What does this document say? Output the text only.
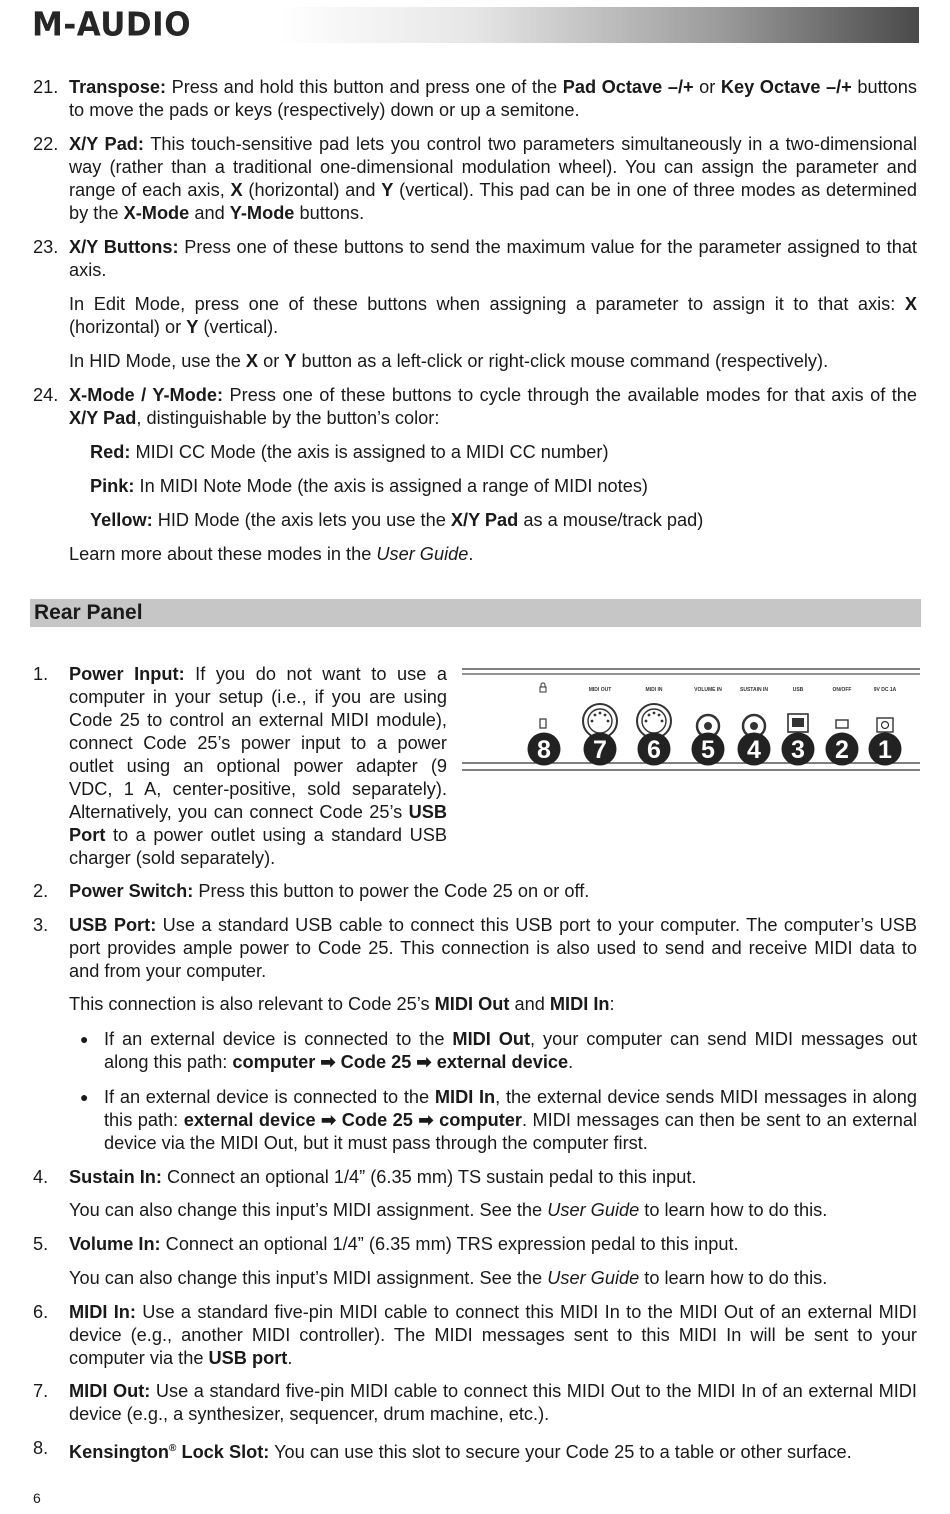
M-AUDIO
21. Transpose: Press and hold this button and press one of the Pad Octave –/+ or Key Octave –/+ buttons to move the pads or keys (respectively) down or up a semitone.
22. X/Y Pad: This touch-sensitive pad lets you control two parameters simultaneously in a two-dimensional way (rather than a traditional one-dimensional modulation wheel). You can assign the parameter and range of each axis, X (horizontal) and Y (vertical). This pad can be in one of three modes as determined by the X-Mode and Y-Mode buttons.
23. X/Y Buttons: Press one of these buttons to send the maximum value for the parameter assigned to that axis.
In Edit Mode, press one of these buttons when assigning a parameter to assign it to that axis: X (horizontal) or Y (vertical).
In HID Mode, use the X or Y button as a left-click or right-click mouse command (respectively).
24. X-Mode / Y-Mode: Press one of these buttons to cycle through the available modes for that axis of the X/Y Pad, distinguishable by the button’s color:
Red: MIDI CC Mode (the axis is assigned to a MIDI CC number)
Pink: In MIDI Note Mode (the axis is assigned a range of MIDI notes)
Yellow: HID Mode (the axis lets you use the X/Y Pad as a mouse/track pad)
Learn more about these modes in the User Guide.
Rear Panel
MIDI OUT	MIDI IN	VOLUME IN	SUSTAIN IN	USB	ON/OFF	9V DC 1A
8 7 6 5 4 3 2 1
1. Power Input: If you do not want to use a computer in your setup (i.e., if you are using Code 25 to control an external MIDI module), connect Code 25’s power input to a power outlet using an optional power adapter (9 VDC, 1 A, center-positive, sold separately). Alternatively, you can connect Code 25’s USB Port to a power outlet using a standard USB charger (sold separately).
2. Power Switch: Press this button to power the Code 25 on or off.
3. USB Port: Use a standard USB cable to connect this USB port to your computer. The computer’s USB port provides ample power to Code 25. This connection is also used to send and receive MIDI data to and from your computer.
This connection is also relevant to Code 25’s MIDI Out and MIDI In:
● If an external device is connected to the MIDI Out, your computer can send MIDI messages out along this path: computer ➡ Code 25 ➡ external device.
● If an external device is connected to the MIDI In, the external device sends MIDI messages in along this path: external device ➡ Code 25 ➡ computer. MIDI messages can then be sent to an external device via the MIDI Out, but it must pass through the computer first.
4. Sustain In: Connect an optional 1/4” (6.35 mm) TS sustain pedal to this input.
You can also change this input’s MIDI assignment. See the User Guide to learn how to do this.
5. Volume In: Connect an optional 1/4” (6.35 mm) TRS expression pedal to this input.
You can also change this input’s MIDI assignment. See the User Guide to learn how to do this.
6. MIDI In: Use a standard five-pin MIDI cable to connect this MIDI In to the MIDI Out of an external MIDI device (e.g., another MIDI controller). The MIDI messages sent to this MIDI In will be sent to your computer via the USB port.
7. MIDI Out: Use a standard five-pin MIDI cable to connect this MIDI Out to the MIDI In of an external MIDI device (e.g., a synthesizer, sequencer, drum machine, etc.).
8. Kensington® Lock Slot: You can use this slot to secure your Code 25 to a table or other surface.
6
